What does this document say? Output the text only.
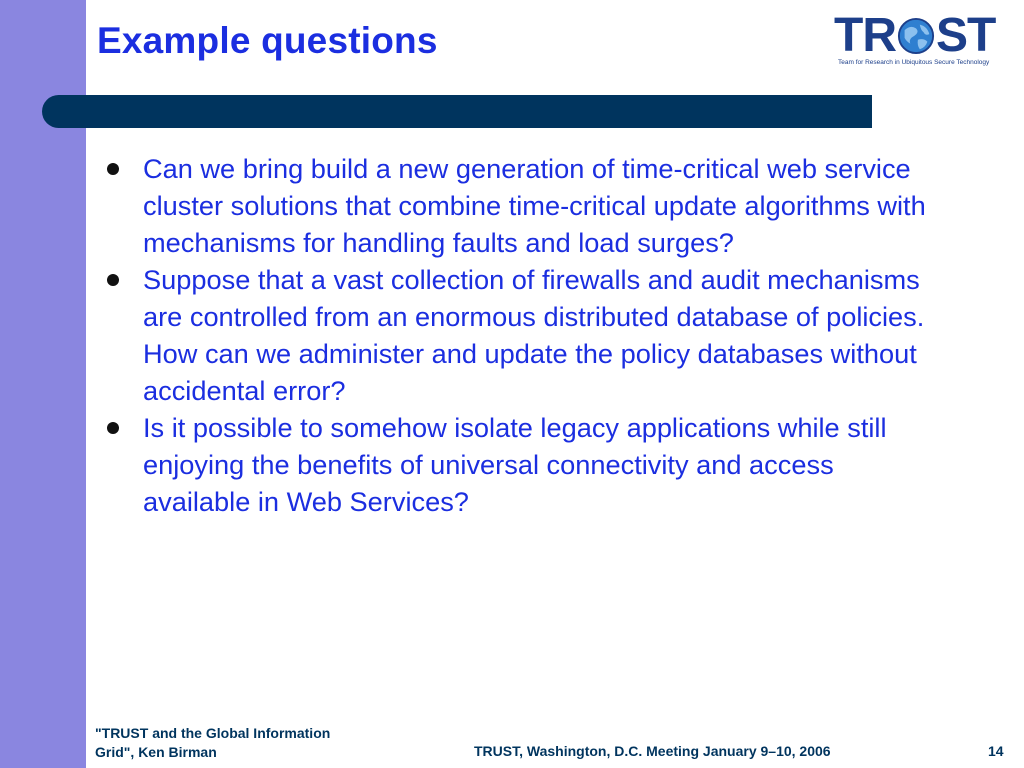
Example questions	TR ST
Team for Research in Ubiquitous Secure Technology
Can we bring build a new generation of time-critical web service cluster solutions that combine time-critical update algorithms with mechanisms for handling faults and load surges?
Suppose that a vast collection of firewalls and audit mechanisms are controlled from an enormous distributed database of policies. How can we administer and update the policy databases without accidental error?
Is it possible to somehow isolate legacy applications while still enjoying the benefits of universal connectivity and access available in Web Services?
"TRUST and the Global Information
Grid", Ken Birman	TRUST, Washington, D.C. Meeting January 9–10, 2006	14
